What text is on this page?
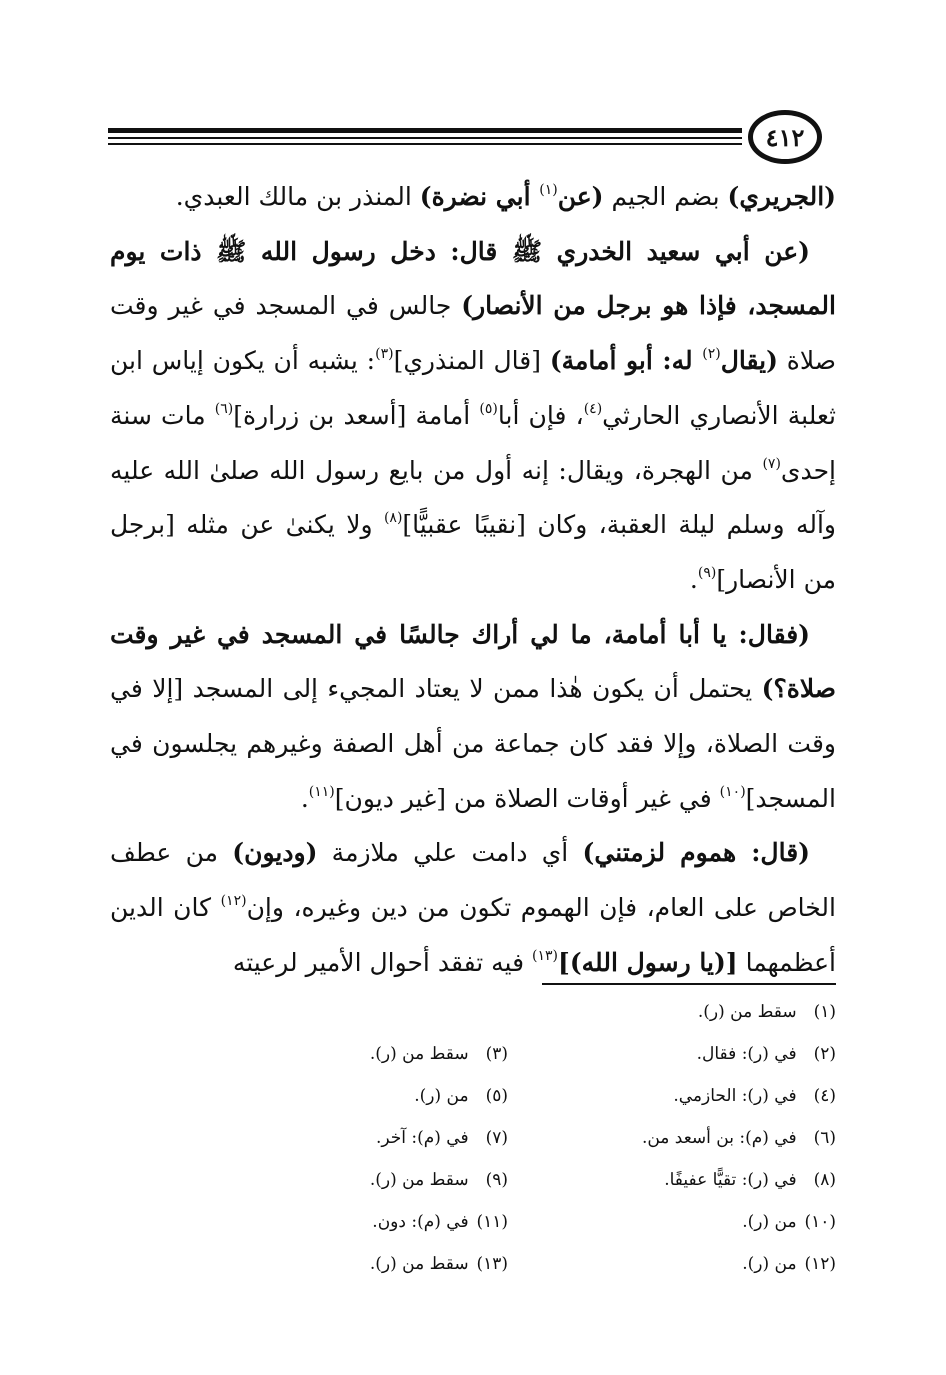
٤١٢

(الجريري) بضم الجيم (عن$^{(١)}$ أبي نضرة) المنذر بن مالك العبدي.

(عن أبي سعيد الخدري ﷺ قال: دخل رسول الله ﷺ ذات يوم المسجد، فإذا هو برجل من الأنصار) جالس في المسجد في غير وقت صلاة (يقال$^{(٢)}$ له: أبو أمامة) [قال المنذري]$^{(٣)}$: يشبه أن يكون إياس ابن ثعلبة الأنصاري الحارثي$^{(٤)}$، فإن أبا$^{(٥)}$ أمامة [أسعد بن زرارة]$^{(٦)}$ مات سنة إحدى$^{(٧)}$ من الهجرة، ويقال: إنه أول من بايع رسول الله صلىٰ الله عليه وآله وسلم ليلة العقبة، وكان [نقيبًا عقبيًّا]$^{(٨)}$ ولا يكنىٰ عن مثله [برجل من الأنصار]$^{(٩)}$.

(فقال: يا أبا أمامة، ما لي أراك جالسًا في المسجد في غير وقت صلاة؟) يحتمل أن يكون هٰذا ممن لا يعتاد المجيء إلى المسجد [إلا في وقت الصلاة، وإلا فقد كان جماعة من أهل الصفة وغيرهم يجلسون في المسجد]$^{(١٠)}$ في غير أوقات الصلاة من [غير ديون]$^{(١١)}$.

(قال: هموم لزمتني) أي دامت علي ملازمة (وديون) من عطف الخاص على العام، فإن الهموم تكون من دين وغيره، وإن$^{(١٢)}$ كان الدين أعظمهما [(يا رسول الله)]$^{(١٣)}$ فيه تفقد أحوال الأمير لرعيته

(١) سقط من (ر).
(٢) في (ر): فقال.
(٣) سقط من (ر).
(٤) في (ر): الحازمي.
(٥) من (ر).
(٦) في (م): بن أسعد من.
(٧) في (م): آخر.
(٨) في (ر): تقيًّا عفيفًا.
(٩) سقط من (ر).
(١٠) من (ر).
(١١) في (م): دون.
(١٢) من (ر).
(١٣) سقط من (ر).
